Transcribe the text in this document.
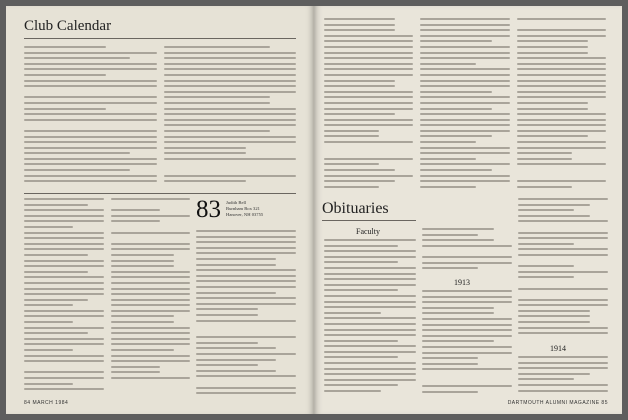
Club Calendar
83 Judith Bell
Burnham Box 321
Hanover, NH 03755
84 MARCH 1984
Obituaries
Faculty
1913
1914
DARTMOUTH ALUMNI MAGAZINE 85
